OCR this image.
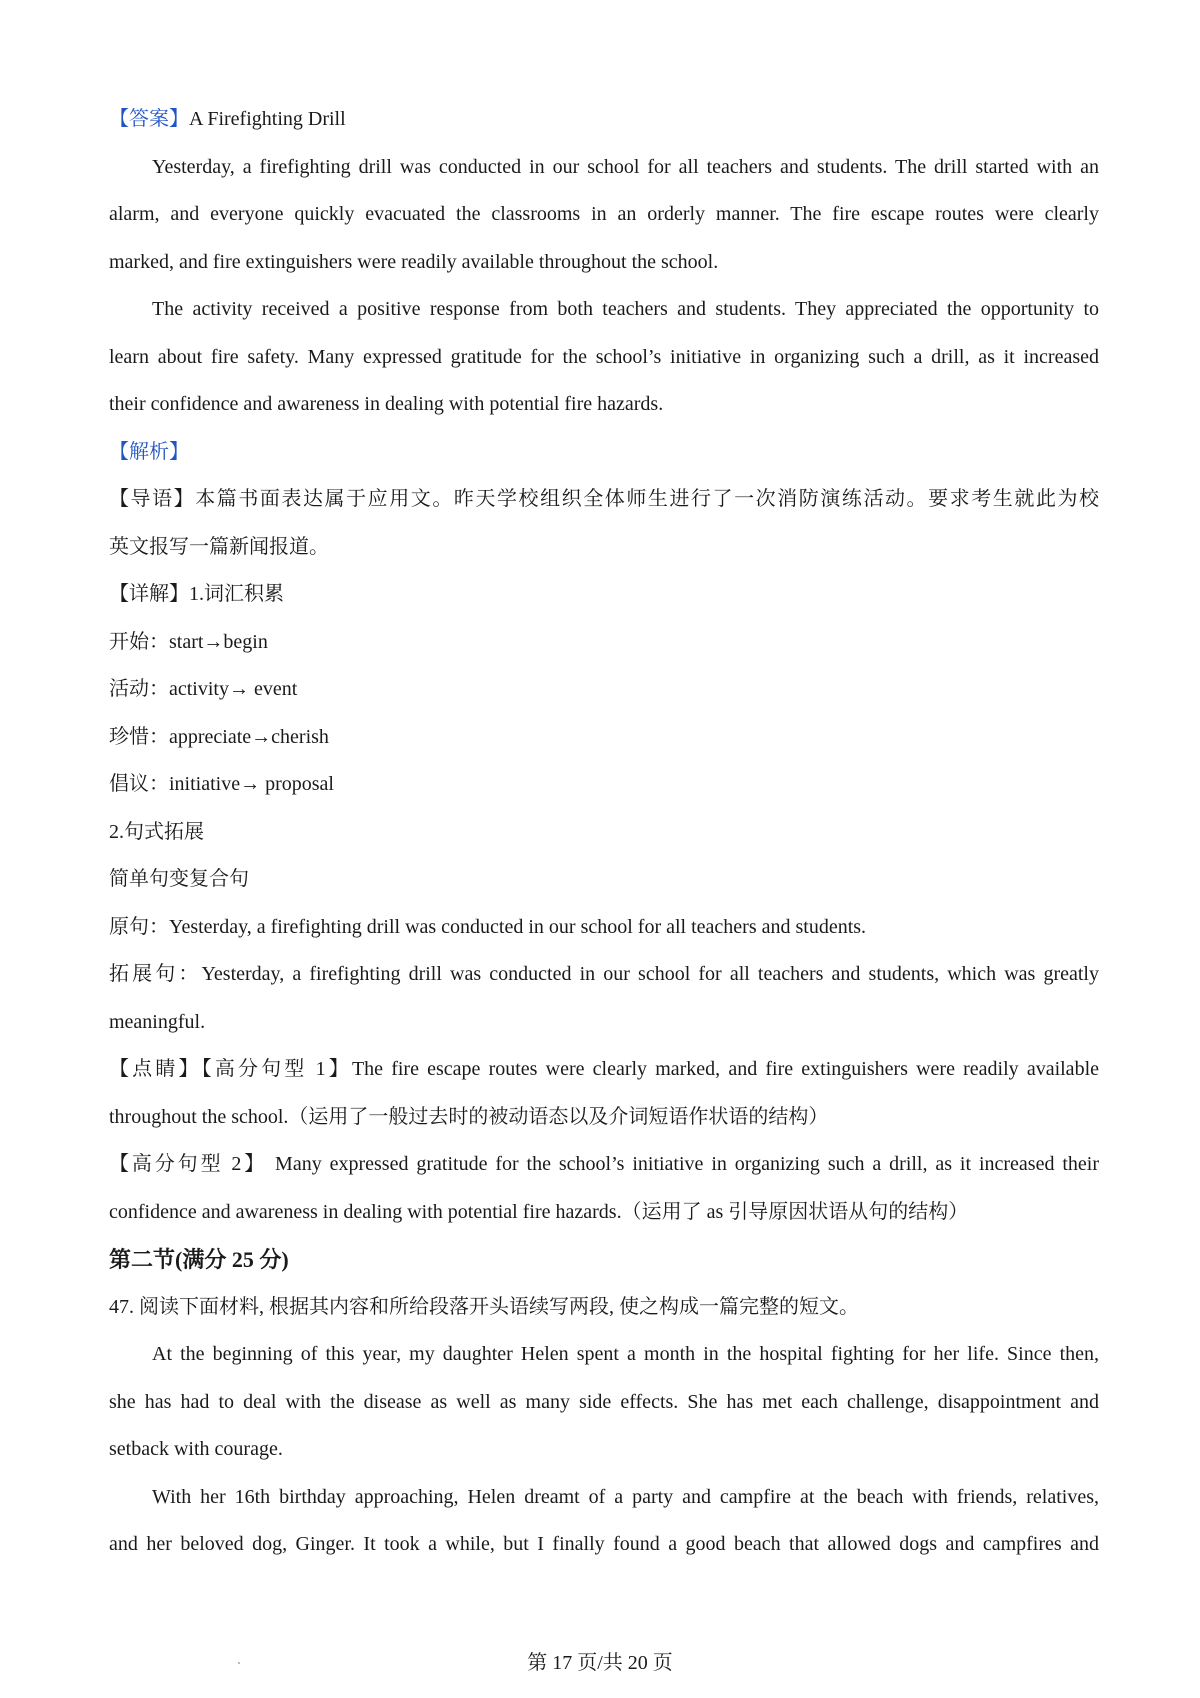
【答案】A Firefighting Drill
Yesterday, a firefighting drill was conducted in our school for all teachers and students. The drill started with an
alarm, and everyone quickly evacuated the classrooms in an orderly manner. The fire escape routes were clearly
marked, and fire extinguishers were readily available throughout the school.
The activity received a positive response from both teachers and students. They appreciated the opportunity to
learn about fire safety. Many expressed gratitude for the school’s initiative in organizing such a drill, as it increased
their confidence and awareness in dealing with potential fire hazards.
【解析】
【导语】本篇书面表达属于应用文。昨天学校组织全体师生进行了一次消防演练活动。要求考生就此为校
英文报写一篇新闻报道。
【详解】1.词汇积累
开始：start→begin
活动：activity→ event
珍惜：appreciate→cherish
倡议：initiative→ proposal
2.句式拓展
简单句变复合句
原句：Yesterday, a firefighting drill was conducted in our school for all teachers and students.
拓展句：Yesterday, a firefighting drill was conducted in our school for all teachers and students, which was greatly
meaningful.
【点睛】【高分句型 1】The fire escape routes were clearly marked, and fire extinguishers were readily available
throughout the school.（运用了一般过去时的被动语态以及介词短语作状语的结构）
【高分句型 2】 Many expressed gratitude for the school’s initiative in organizing such a drill, as it increased their
confidence and awareness in dealing with potential fire hazards.（运用了 as 引导原因状语从句的结构）
第二节(满分 25 分)
47. 阅读下面材料, 根据其内容和所给段落开头语续写两段, 使之构成一篇完整的短文。
At the beginning of this year, my daughter Helen spent a month in the hospital fighting for her life. Since then,
she has had to deal with the disease as well as many side effects. She has met each challenge, disappointment and
setback with courage.
With her 16th birthday approaching, Helen dreamt of a party and campfire at the beach with friends, relatives,
and her beloved dog, Ginger. It took a while, but I finally found a good beach that allowed dogs and campfires and
第 17 页/共 20 页
